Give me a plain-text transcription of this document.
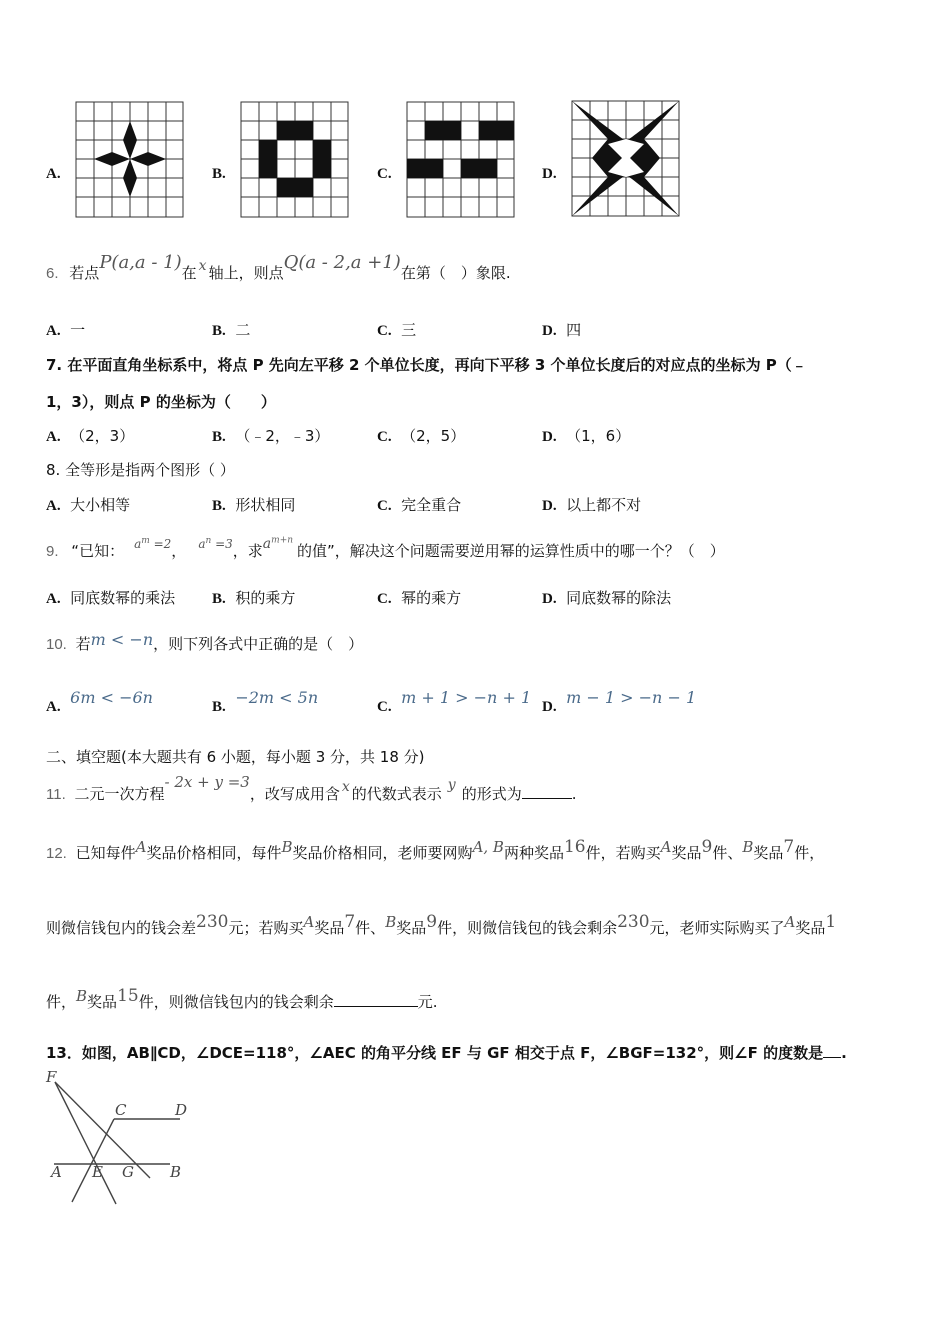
A.	B.	C.	D.
6. 若点P(a,a - 1)在 x 轴上，则点Q(a - 2,a +1)在第（　）象限.
A. 一	B. 二	C. 三	D. 四
7. 在平面直角坐标系中，将点 P 先向左平移 2 个单位长度，再向下平移 3 个单位长度后的对应点的坐标为 P（﹣
1，3），则点 P 的坐标为（　　）
A. （2，3）	B. （﹣2，﹣3）	C. （2，5）	D. （1，6）
8. 全等形是指两个图形（ ）
A. 大小相等	B. 形状相同	C. 完全重合	D. 以上都不对
9. “已知： $^{a^m =2}$， $^{a^n =3}$，求$a^{m+n}$的值”，解决这个问题需要逆用幂的运算性质中的哪一个？（　）
A. 同底数幂的乘法 B. 积的乘方	C. 幂的乘方	D. 同底数幂的除法
10. 若m < −n，则下列各式中正确的是（　）
A. 6m < −6n	B. −2m < 5n	C. m + 1 > −n + 1 D. m − 1 > −n − 1
二、填空题(本大题共有 6 小题，每小题 3 分，共 18 分)
11. 二元一次方程- 2x + y =3，改写成用含 x 的代数式表示 y 的形式为	.
12. 已知每件A奖品价格相同，每件B奖品价格相同，老师要网购A, B两种奖品16件，若购买A奖品9件、B奖品7件，
则微信钱包内的钱会差230元；若购买A奖品7件、B奖品9件，则微信钱包的钱会剩余230元，老师实际购买了A奖品1
件，B奖品15件，则微信钱包内的钱会剩余	元.
13．如图，AB∥CD，∠DCE=118°，∠AEC 的角平分线 EF 与 GF 相交于点 F，∠BGF=132°，则∠F 的度数是 .
F
C	D
A E G B
